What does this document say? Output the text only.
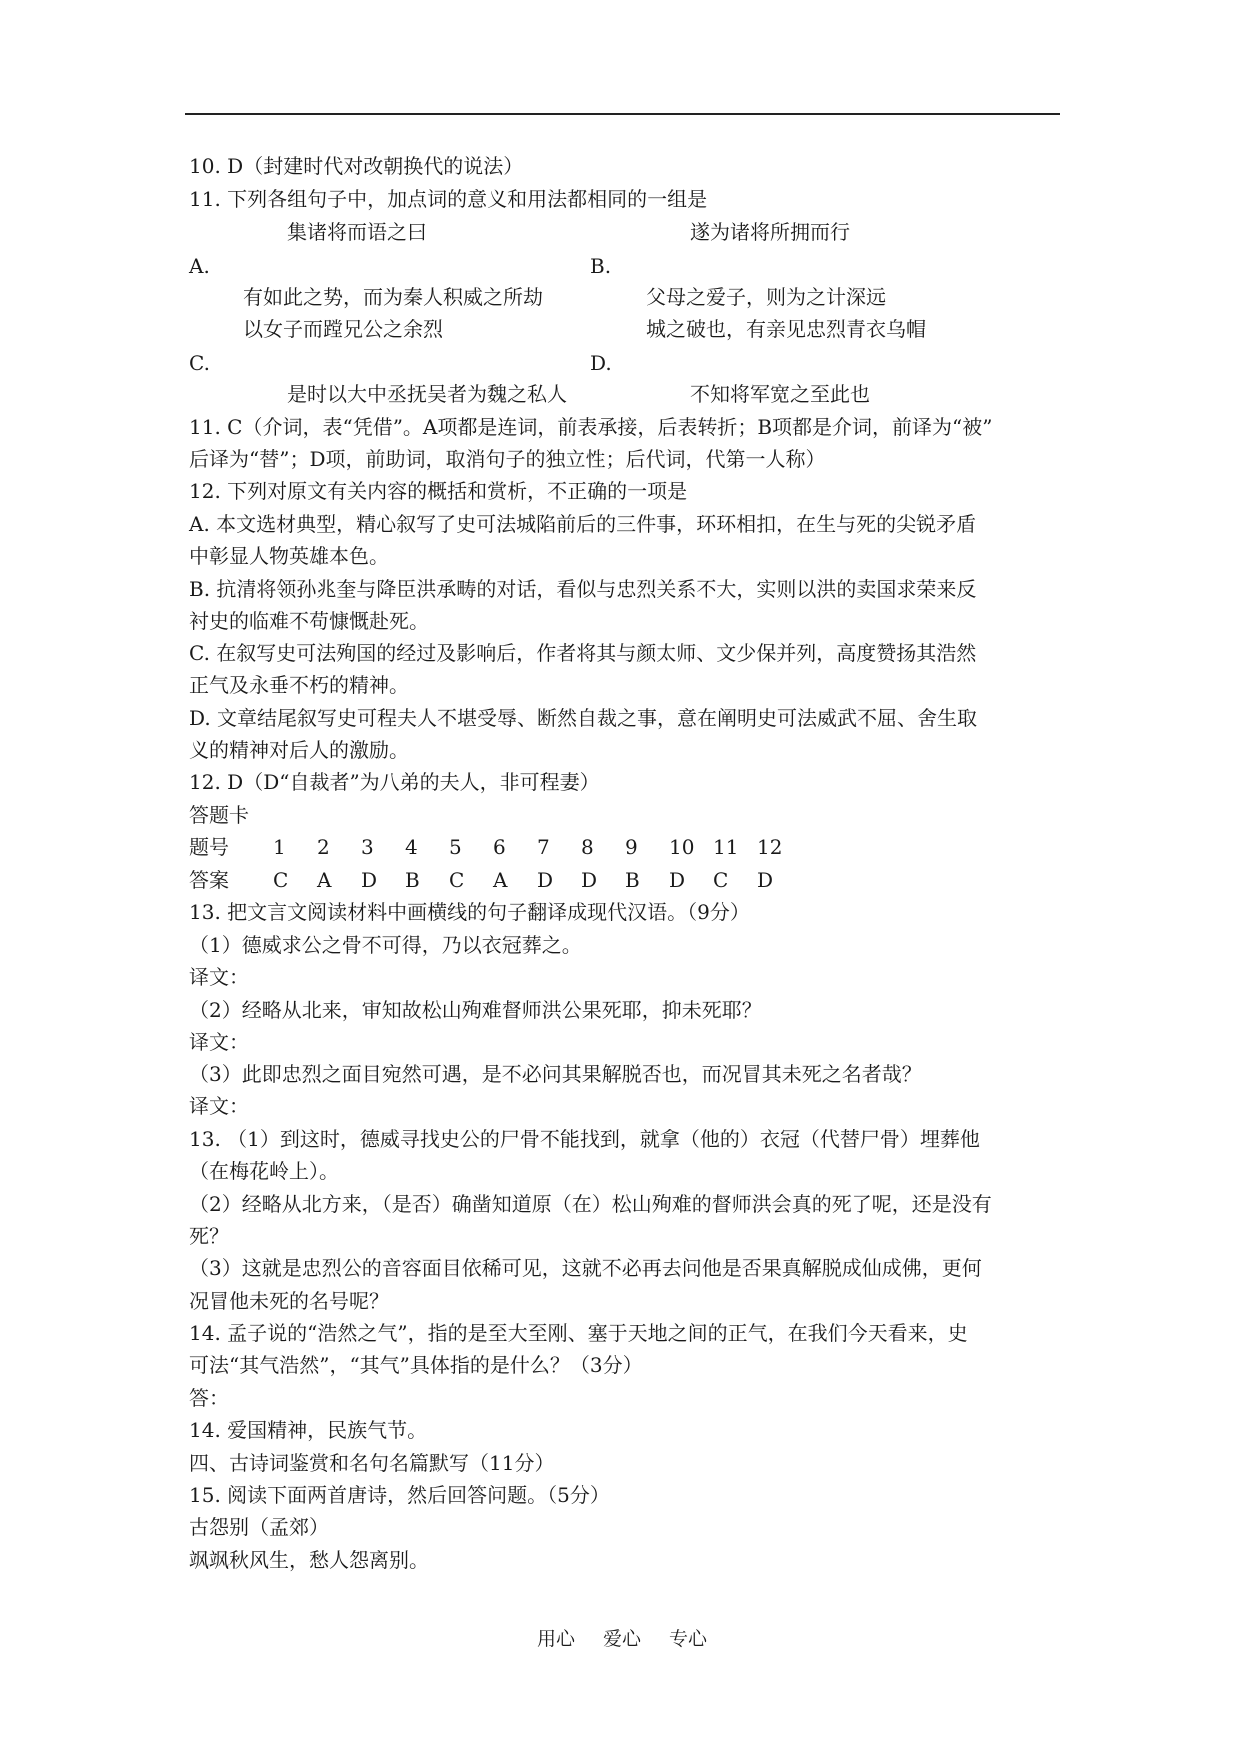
10. D（封建时代对改朝换代的说法）
11. 下列各组句子中，加点词的意义和用法都相同的一组是
集诸将而语之曰	遂为诸将所拥而行
A.	B.
有如此之势，而为秦人积威之所劫	父母之爱子，则为之计深远
以女子而蹚兄公之余烈	城之破也，有亲见忠烈青衣乌帽
C.	D.
是时以大中丞抚吴者为魏之私人	不知将军宽之至此也
11. C（介词，表“凭借”。A项都是连词，前表承接，后表转折；B项都是介词，前译为“被”
后译为“替”；D项，前助词，取消句子的独立性；后代词，代第一人称）
12. 下列对原文有关内容的概括和赏析，不正确的一项是
A. 本文选材典型，精心叙写了史可法城陷前后的三件事，环环相扣，在生与死的尖锐矛盾
中彰显人物英雄本色。
B. 抗清将领孙兆奎与降臣洪承畴的对话，看似与忠烈关系不大，实则以洪的卖国求荣来反
衬史的临难不苟慷慨赴死。
C. 在叙写史可法殉国的经过及影响后，作者将其与颜太师、文少保并列，高度赞扬其浩然
正气及永垂不朽的精神。
D. 文章结尾叙写史可程夫人不堪受辱、断然自裁之事，意在阐明史可法威武不屈、舍生取
义的精神对后人的激励。
12. D（D“自裁者”为八弟的夫人，非可程妻）
答题卡
题号 1 2 3 4 5 6 7 8 9 10 11 12
答案 C A D B C A D D B D C D
13. 把文言文阅读材料中画横线的句子翻译成现代汉语。（9分）
（1）德威求公之骨不可得，乃以衣冠葬之。
译文：
（2）经略从北来，审知故松山殉难督师洪公果死耶，抑未死耶？
译文：
（3）此即忠烈之面目宛然可遇，是不必问其果解脱否也，而况冒其未死之名者哉？
译文：
13. （1）到这时，德威寻找史公的尸骨不能找到，就拿（他的）衣冠（代替尸骨）埋葬他
（在梅花岭上）。
（2）经略从北方来，（是否）确凿知道原（在）松山殉难的督师洪会真的死了呢，还是没有
死？
（3）这就是忠烈公的音容面目依稀可见，这就不必再去问他是否果真解脱成仙成佛，更何
况冒他未死的名号呢？
14. 孟子说的“浩然之气”，指的是至大至刚、塞于天地之间的正气，在我们今天看来，史
可法“其气浩然”，“其气”具体指的是什么？（3分）
答：
14. 爱国精神，民族气节。
四、古诗词鉴赏和名句名篇默写（11分）
15. 阅读下面两首唐诗，然后回答问题。（5分）
古怨别（孟郊）
飒飒秋风生，愁人怨离别。
用心 爱心 专心
